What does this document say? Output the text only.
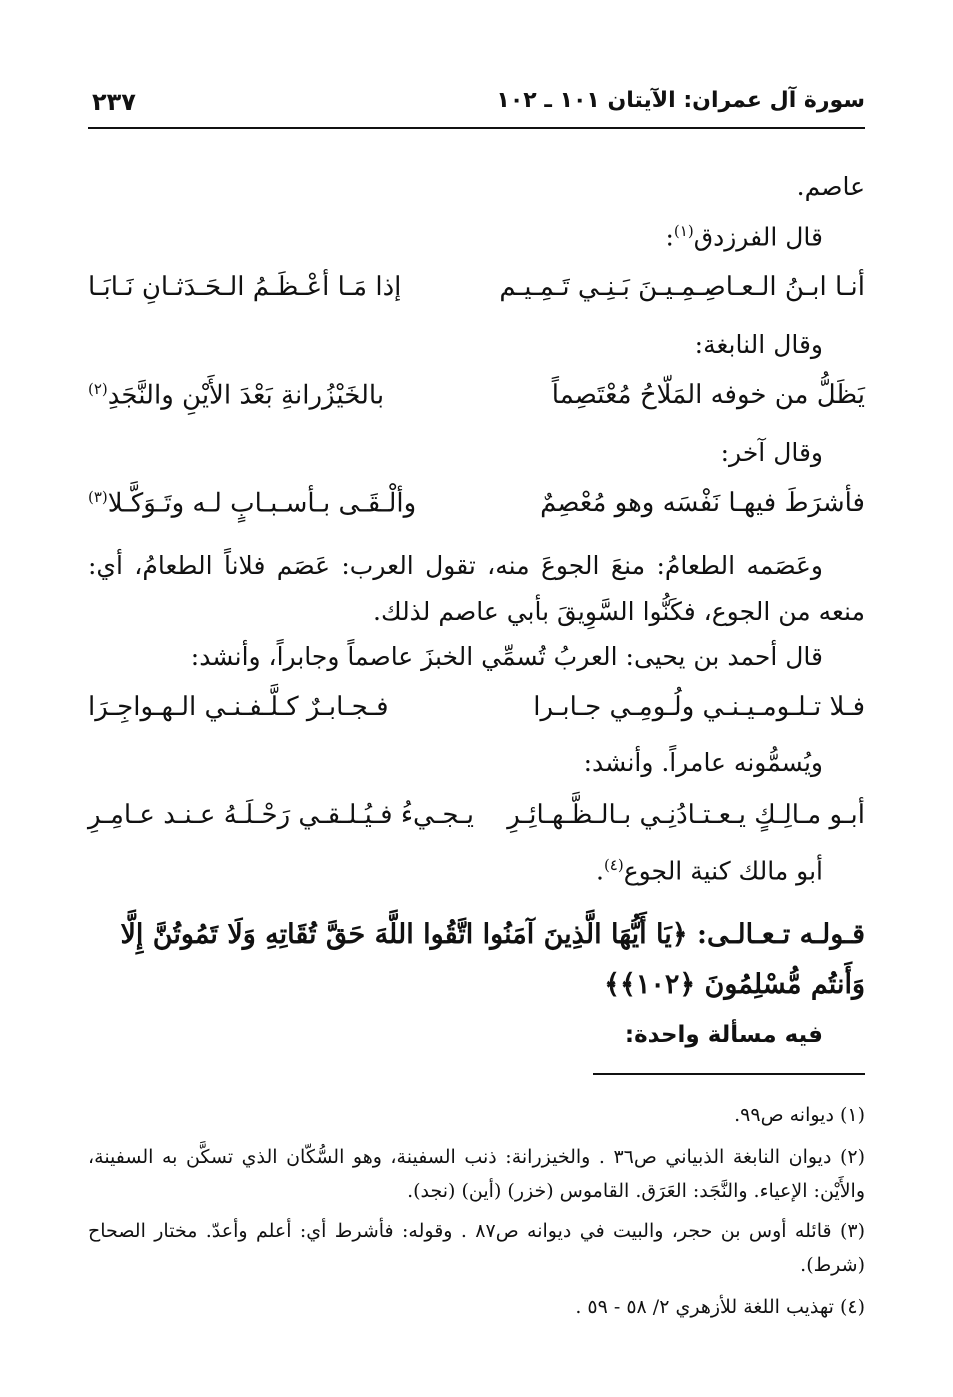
سورة آل عمران: الآيتان ١٠١ ـ ١٠٢
٢٣٧
عاصم.
قال الفرزدق$^{(١)}$:
أنـا ابـنُ الـعـاصِـمِـيـنَ بَـنِـي تَـمِـيـم
إذا مَـا أعْـظَـمُ الـحَـدَثـانِ نَـابَـا
وقال النابغة:
يَظَلُّ من خوفه المَلّاحُ مُعْتَصِماً
بالخَيْزُرانةِ بَعْدَ الأَيْنِ والنَّجَدِ$^{(٢)}$
وقال آخر:
فأشرَطَ فيهـا نَفْسَه وهو مُعْصِمٌ
وألْـقَـى بـأسـبـابٍ لـه وتَـوَكَّـلا$^{(٣)}$
وعَصَمه الطعامُ: منعَ الجوعَ منه، تقول العرب: عَصَم فلاناً الطعامُ، أي: منعه من الجوع، فكَنُّوا السَّوِيقَ بأبي عاصم لذلك.
قال أحمد بن يحيى: العربُ تُسمِّي الخبزَ عاصماً وجابراً، وأنشد:
فـلا تـلـومـيـنـي ولُـومِـي جـابـرا
فـجـابـرٌ كـلَّـفـنـي الـهـواجِـرَا
ويُسمُّونه عامراً. وأنشد:
أبـو مـالِـكٍ يـعـتـادُنِـي بـالـظَّـهـائِـرِ
يـجـيءُ فـيُـلـقـي رَحْـلَـهُ عـنـد عـامِـرِ
أبو مالك كنية الجوع$^{(٤)}$.
قـولـه تـعـالـى: ﴿يَا أَيُّهَا الَّذِينَ آمَنُوا اتَّقُوا اللَّهَ حَقَّ تُقَاتِهِ وَلَا تَمُوتُنَّ إِلَّا وَأَنتُم مُّسْلِمُونَ ﴿١٠٢﴾﴾
فيه مسألة واحدة:
(١) ديوانه ص٩٩.
(٢) ديوان النابغة الذبياني ص٣٦ . والخيزرانة: ذنب السفينة، وهو السُّكّان الذي تسكَّن به السفينة، والأَيْن: الإعياء. والنَّجَد: العَرَق. القاموس (خزر) (أين) (نجد).
(٣) قائله أوس بن حجر، والبيت في ديوانه ص٨٧ . وقوله: فأشرط أي: أعلم وأعدّ. مختار الصحاح (شرط).
(٤) تهذيب اللغة للأزهري ٢/ ٥٨ - ٥٩ .
